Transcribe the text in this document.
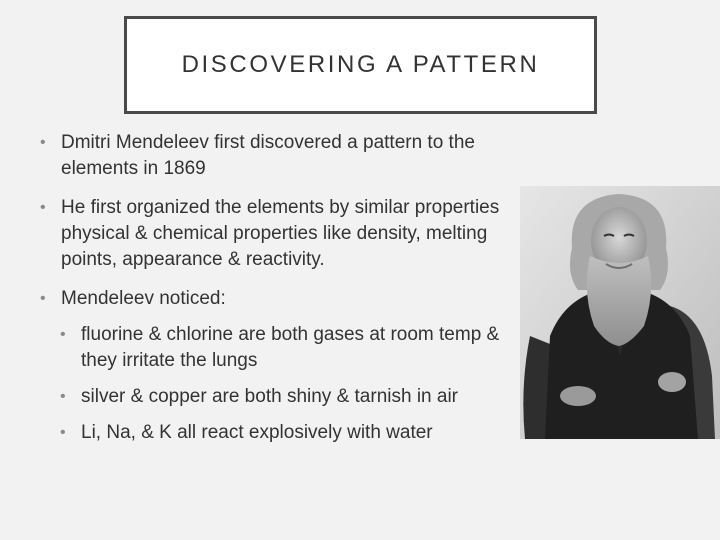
DISCOVERING A PATTERN
• Dmitri Mendeleev first discovered a pattern to the elements in 1869
• He first organized the elements by similar properties physical & chemical properties like density, melting points, appearance & reactivity.
• Mendeleev noticed:
• fluorine & chlorine are both gases at room temp & they irritate the lungs
• silver & copper are both shiny & tarnish in air
• Li, Na, & K all react explosively with water
